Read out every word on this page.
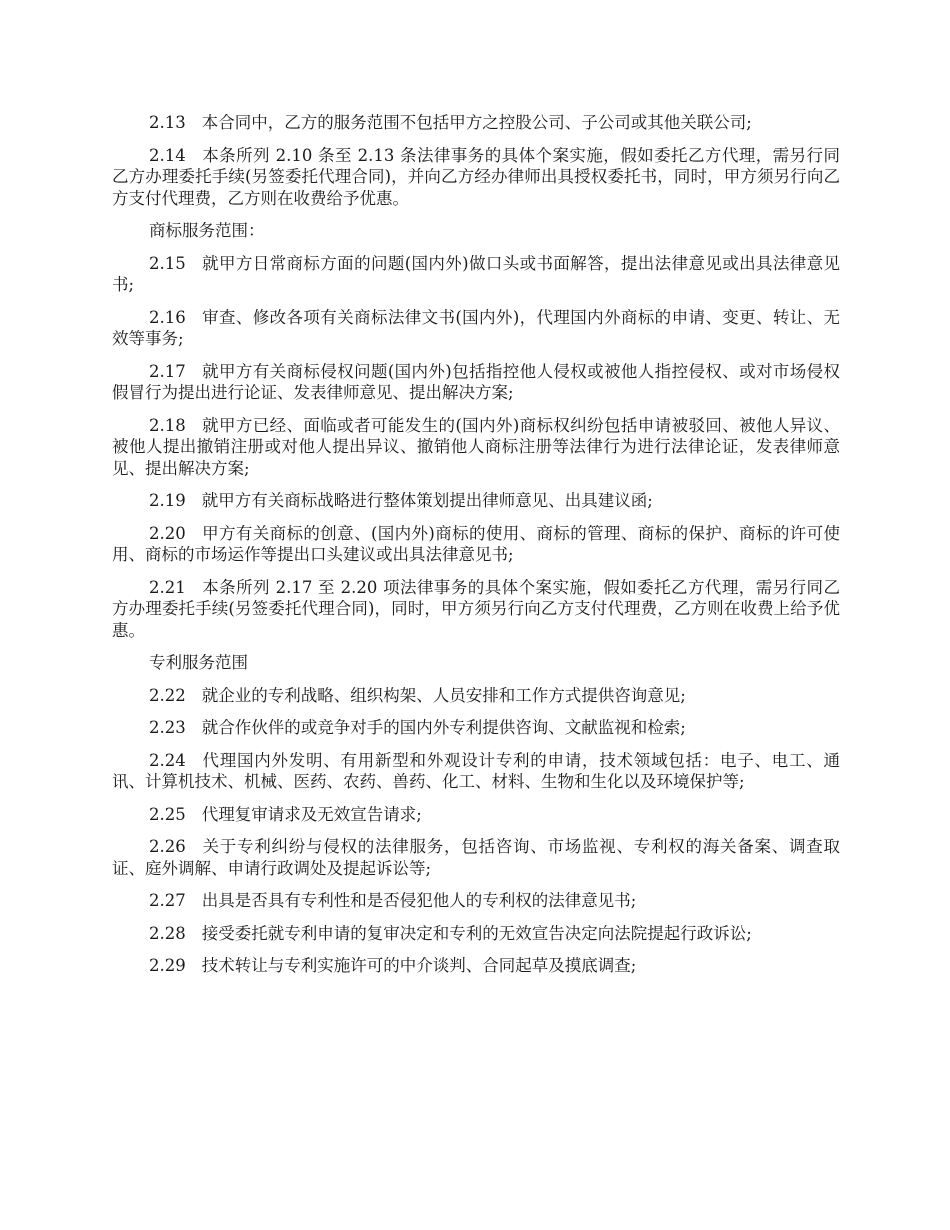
2.13 本合同中，乙方的服务范围不包括甲方之控股公司、子公司或其他关联公司;

2.14 本条所列 2.10 条至 2.13 条法律事务的具体个案实施，假如委托乙方代理，需另行同乙方办理委托手续(另签委托代理合同)，并向乙方经办律师出具授权委托书，同时，甲方须另行向乙方支付代理费，乙方则在收费给予优惠。

商标服务范围：

2.15 就甲方日常商标方面的问题(国内外)做口头或书面解答，提出法律意见或出具法律意见书;

2.16 审查、修改各项有关商标法律文书(国内外)，代理国内外商标的申请、变更、转让、无效等事务;

2.17 就甲方有关商标侵权问题(国内外)包括指控他人侵权或被他人指控侵权、或对市场侵权假冒行为提出进行论证、发表律师意见、提出解决方案;

2.18 就甲方已经、面临或者可能发生的(国内外)商标权纠纷包括申请被驳回、被他人异议、被他人提出撤销注册或对他人提出异议、撤销他人商标注册等法律行为进行法律论证，发表律师意见、提出解决方案;

2.19 就甲方有关商标战略进行整体策划提出律师意见、出具建议函;

2.20 甲方有关商标的创意、(国内外)商标的使用、商标的管理、商标的保护、商标的许可使用、商标的市场运作等提出口头建议或出具法律意见书;

2.21 本条所列 2.17 至 2.20 项法律事务的具体个案实施，假如委托乙方代理，需另行同乙方办理委托手续(另签委托代理合同)，同时，甲方须另行向乙方支付代理费，乙方则在收费上给予优惠。

专利服务范围

2.22 就企业的专利战略、组织构架、人员安排和工作方式提供咨询意见;

2.23 就合作伙伴的或竞争对手的国内外专利提供咨询、文献监视和检索;

2.24 代理国内外发明、有用新型和外观设计专利的申请，技术领域包括：电子、电工、通讯、计算机技术、机械、医药、农药、兽药、化工、材料、生物和生化以及环境保护等;

2.25 代理复审请求及无效宣告请求;

2.26 关于专利纠纷与侵权的法律服务，包括咨询、市场监视、专利权的海关备案、调查取证、庭外调解、申请行政调处及提起诉讼等;

2.27 出具是否具有专利性和是否侵犯他人的专利权的法律意见书;

2.28 接受委托就专利申请的复审决定和专利的无效宣告决定向法院提起行政诉讼;

2.29 技术转让与专利实施许可的中介谈判、合同起草及摸底调查;
